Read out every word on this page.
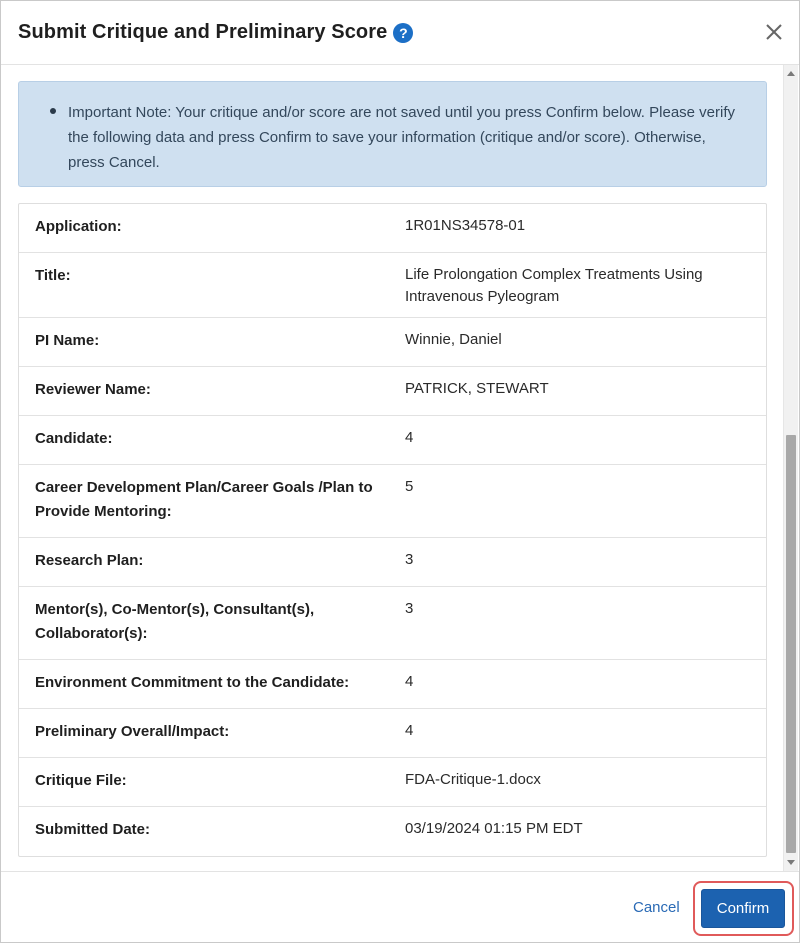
Submit Critique and Preliminary Score ?
Important Note: Your critique and/or score are not saved until you press Confirm below. Please verify the following data and press Confirm to save your information (critique and/or score). Otherwise, press Cancel.
Application:	1R01NS34578-01
Title:	Life Prolongation Complex Treatments Using Intravenous Pyleogram
PI Name:	Winnie, Daniel
Reviewer Name:	PATRICK, STEWART
Candidate:	4
Career Development Plan/Career Goals /Plan to Provide Mentoring:
5
Research Plan:	3
Mentor(s), Co-Mentor(s), Consultant(s), Collaborator(s):
3
Environment Commitment to the Candidate:	4
Preliminary Overall/Impact:	4
Critique File:	FDA-Critique-1.docx
Submitted Date:	03/19/2024 01:15 PM EDT
Cancel	Confirm
